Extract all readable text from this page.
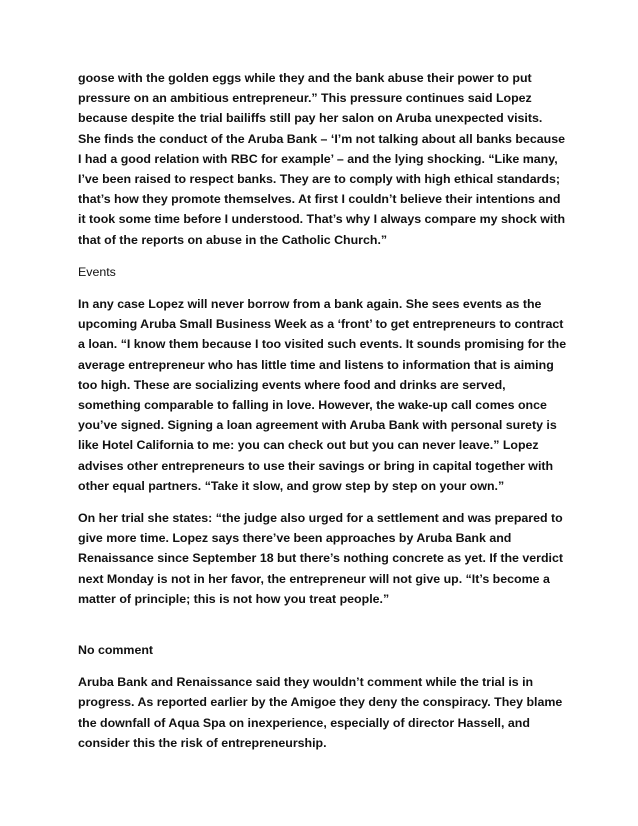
goose with the golden eggs while they and the bank abuse their power to put pressure on an ambitious entrepreneur.” This pressure continues said Lopez because despite the trial bailiffs still pay her salon on Aruba unexpected visits. She finds the conduct of the Aruba Bank – ‘I’m not talking about all banks because I had a good relation with RBC for example’ – and the lying shocking. “Like many, I’ve been raised to respect banks. They are to comply with high ethical standards; that’s how they promote themselves. At first I couldn’t believe their intentions and it took some time before I understood. That’s why I always compare my shock with that of the reports on abuse in the Catholic Church.”

Events

In any case Lopez will never borrow from a bank again. She sees events as the upcoming Aruba Small Business Week as a ‘front’ to get entrepreneurs to contract a loan. “I know them because I too visited such events. It sounds promising for the average entrepreneur who has little time and listens to information that is aiming too high. These are socializing events where food and drinks are served, something comparable to falling in love. However, the wake-up call comes once you’ve signed. Signing a loan agreement with Aruba Bank with personal surety is like Hotel California to me: you can check out but you can never leave.” Lopez advises other entrepreneurs to use their savings or bring in capital together with other equal partners. “Take it slow, and grow step by step on your own.”

On her trial she states: “the judge also urged for a settlement and was prepared to give more time. Lopez says there’ve been approaches by Aruba Bank and Renaissance since September 18 but there’s nothing concrete as yet. If the verdict next Monday is not in her favor, the entrepreneur will not give up. “It’s become a matter of principle; this is not how you treat people.”

No comment

Aruba Bank and Renaissance said they wouldn’t comment while the trial is in progress. As reported earlier by the Amigoe they deny the conspiracy. They blame the downfall of Aqua Spa on inexperience, especially of director Hassell, and consider this the risk of entrepreneurship.
